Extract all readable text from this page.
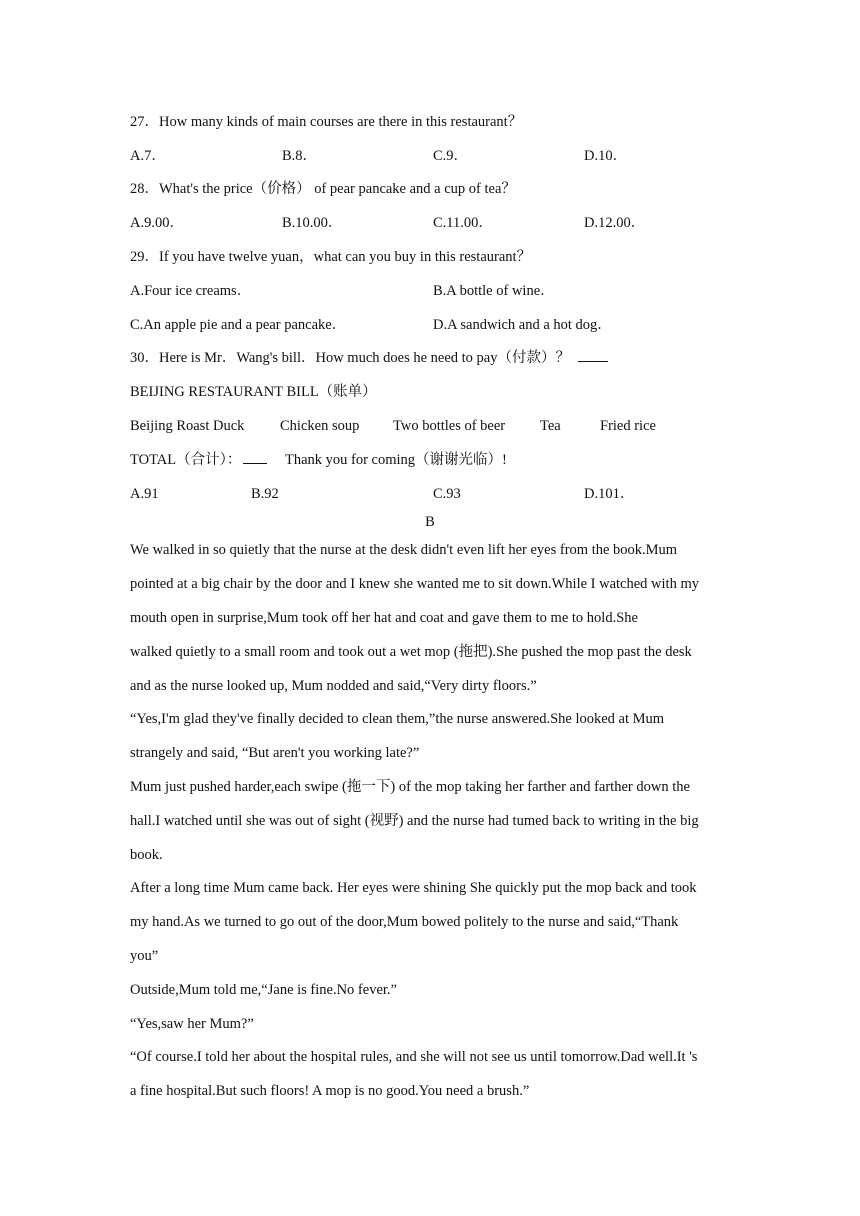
27．How many kinds of main courses are there in this restaurant？
A.7．	B.8．	C.9．	D.10．
28．What's the price（价格） of pear pancake and a cup of tea？
A.9.00．	B.10.00．	C.11.00．	D.12.00．
29．If you have twelve yuan，what can you buy in this restaurant？
A.Four ice creams．	B.A bottle of wine．
C.An apple pie and a pear pancake．	D.A sandwich and a hot dog．
30．Here is Mr．Wang's bill．How much does he need to pay（付款）？
BEIJING RESTAURANT BILL（账单）
Beijing Roast Duck Chicken soup Two bottles of beer Tea	Fried rice
TOTAL（合计）：	Thank you for coming（谢谢光临）!
A.91	B.92	C.93	D.101．
B
We walked in so quietly that the nurse at the desk didn't even lift her eyes from the book.Mum
pointed at a big chair by the door and I knew she wanted me to sit down.While I watched with my
mouth open in surprise,Mum took off her hat and coat and gave them to me to hold.She
walked quietly to a small room and took out a wet mop (拖把).She pushed the mop past the desk
and as the nurse looked up, Mum nodded and said,“Very dirty floors.”
“Yes,I'm glad they've finally decided to clean them,”the nurse answered.She looked at Mum
strangely and said, “But aren't you working late?”
Mum just pushed harder,each swipe (拖一下) of the mop taking her farther and farther down the
hall.I watched until she was out of sight (视野) and the nurse had tumed back to writing in the big
book.
After a long time Mum came back. Her eyes were shining She quickly put the mop back and took
my hand.As we turned to go out of the door,Mum bowed politely to the nurse and said,“Thank
you”
Outside,Mum told me,“Jane is fine.No fever.”
“Yes,saw her Mum?”
“Of course.I told her about the hospital rules, and she will not see us until tomorrow.Dad well.It 's
a fine hospital.But such floors! A mop is no good.You need a brush.”
